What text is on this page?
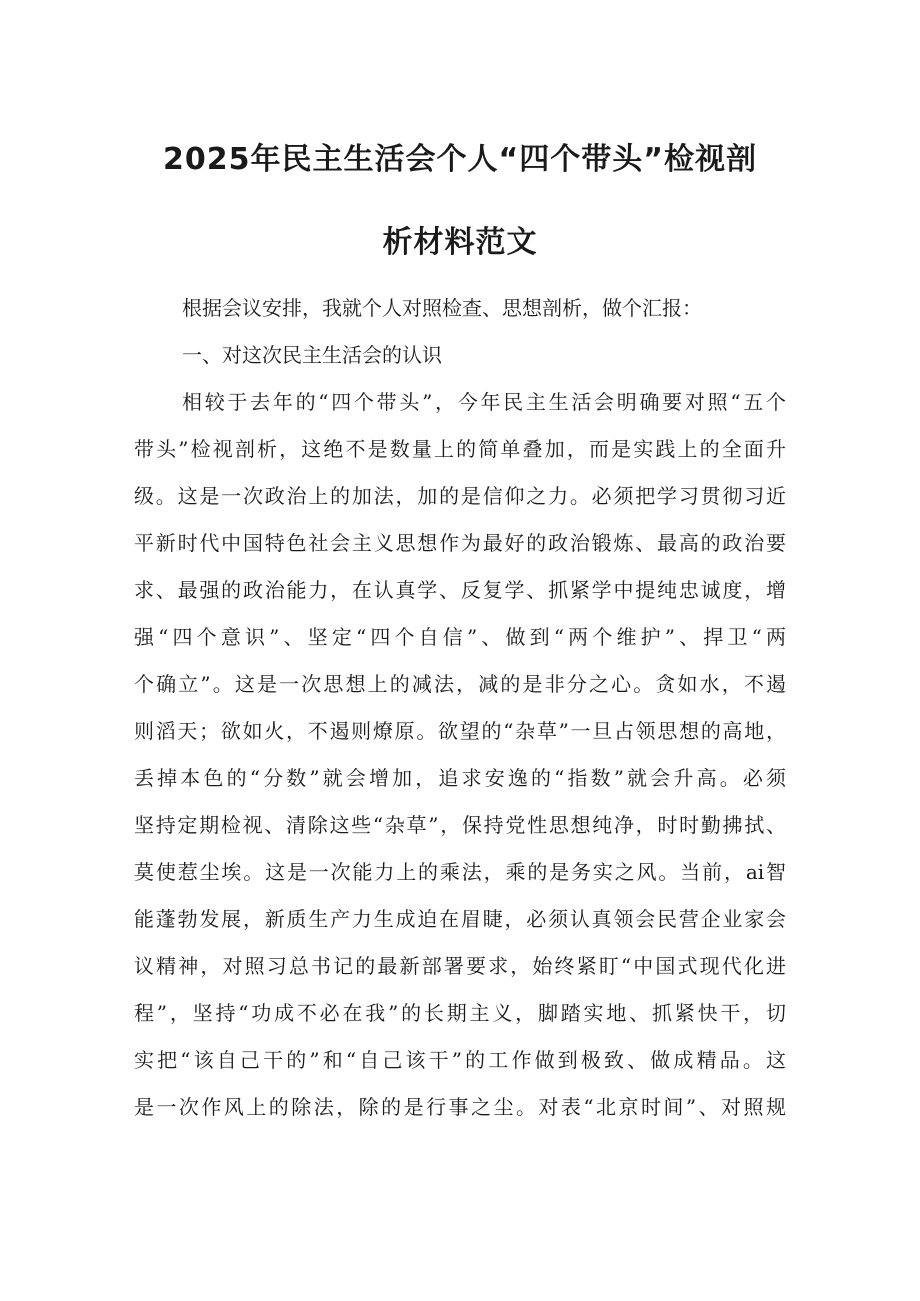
2025年民主生活会个人“四个带头”检视剖
析材料范文
根据会议安排，我就个人对照检查、思想剖析，做个汇报：
一、对这次民主生活会的认识
相较于去年的“四个带头”，今年民主生活会明确要对照“五个
带头”检视剖析，这绝不是数量上的简单叠加，而是实践上的全面升
级。这是一次政治上的加法，加的是信仰之力。必须把学习贯彻习近
平新时代中国特色社会主义思想作为最好的政治锻炼、最高的政治要
求、最强的政治能力，在认真学、反复学、抓紧学中提纯忠诚度，增
强“四个意识”、坚定“四个自信”、做到“两个维护”、捍卫“两
个确立”。这是一次思想上的减法，减的是非分之心。贪如水，不遏
则滔天；欲如火，不遏则燎原。欲望的“杂草”一旦占领思想的高地，
丢掉本色的“分数”就会增加，追求安逸的“指数”就会升高。必须
坚持定期检视、清除这些“杂草”，保持党性思想纯净，时时勤拂拭、
莫使惹尘埃。这是一次能力上的乘法，乘的是务实之风。当前，ai智
能蓬勃发展，新质生产力生成迫在眉睫，必须认真领会民营企业家会
议精神，对照习总书记的最新部署要求，始终紧盯“中国式现代化进
程”，坚持“功成不必在我”的长期主义，脚踏实地、抓紧快干，切
实把“该自己干的”和“自己该干”的工作做到极致、做成精品。这
是一次作风上的除法，除的是行事之尘。对表“北京时间”、对照规
